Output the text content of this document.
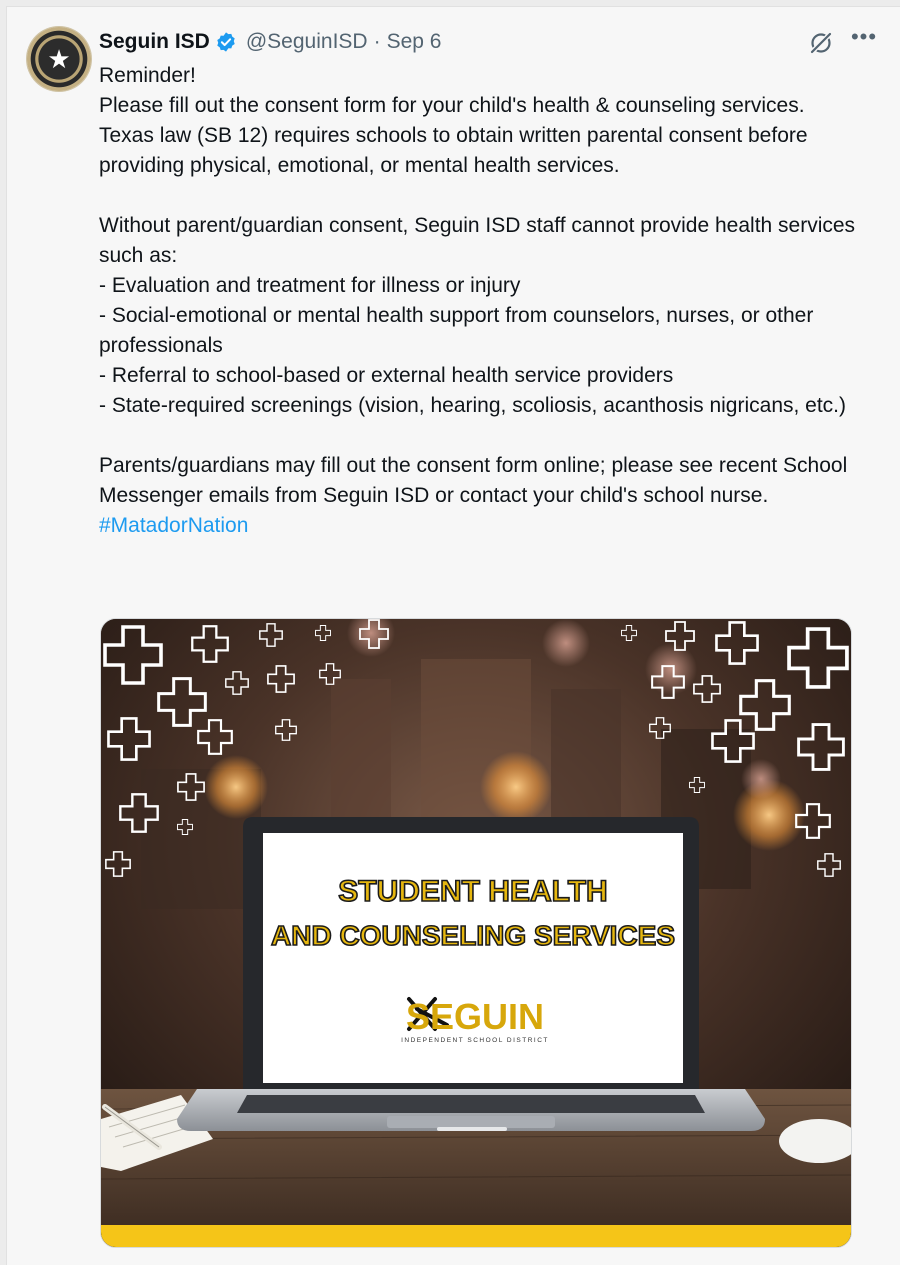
★
Seguin ISD @SeguinISD · Sep 6	•••

Reminder!

Please fill out the consent form for your child's health & counseling services.

Texas law (SB 12) requires schools to obtain written parental consent before providing physical, emotional, or mental health services.

Without parent/guardian consent, Seguin ISD staff cannot provide health services such as:

- Evaluation and treatment for illness or injury

- Social-emotional or mental health support from counselors, nurses, or other professionals

- Referral to school-based or external health service providers

- State-required screenings (vision, hearing, scoliosis, acanthosis nigricans, etc.)

Parents/guardians may fill out the consent form online; please see recent School Messenger emails from Seguin ISD or contact your child's school nurse.  #MatadorNation

STUDENT HEALTH
AND COUNSELING SERVICES
SEGUIN
INDEPENDENT SCHOOL DISTRICT
